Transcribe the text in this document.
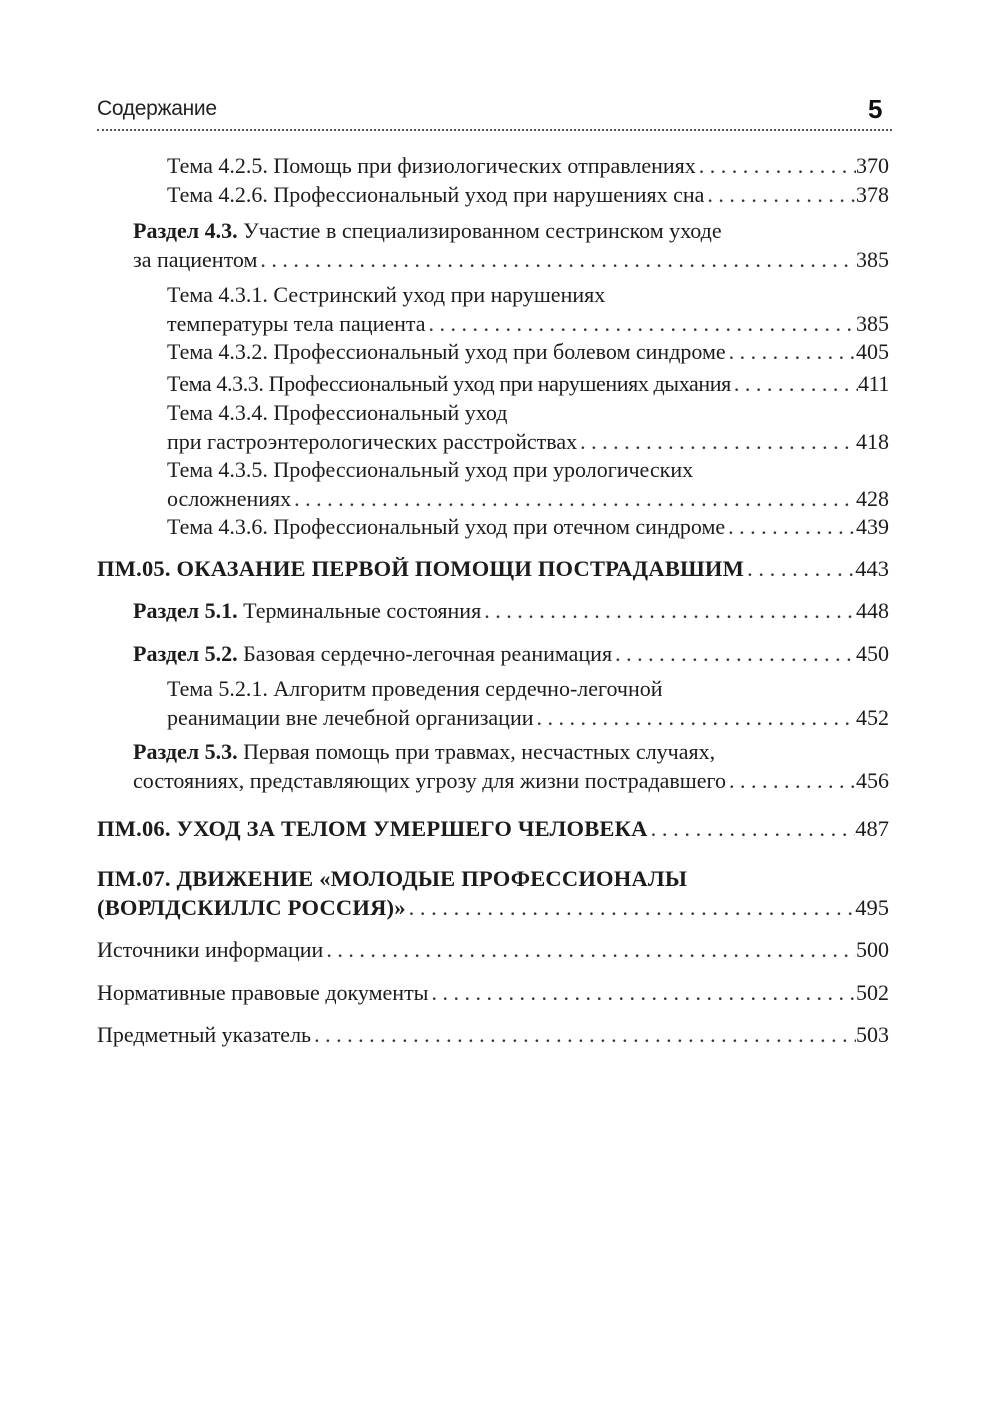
Содержание	5
Тема 4.2.5. Помощь при физиологических отправлениях . . .	370
Тема 4.2.6. Профессиональный уход при нарушениях сна . . .	378
Раздел 4.3. Участие в специализированном сестринском уходе
за пациентом . . .	385
Тема 4.3.1. Сестринский уход при нарушениях
температуры тела пациента . . .	385
Тема 4.3.2. Профессиональный уход при болевом синдроме . . .	405
Тема 4.3.3. Профессиональный уход при нарушениях дыхания . . .	411
Тема 4.3.4. Профессиональный уход
при гастроэнтерологических расстройствах . . .	418
Тема 4.3.5. Профессиональный уход при урологических
осложнениях . . .	428
Тема 4.3.6. Профессиональный уход при отечном синдроме . . .	439
ПМ.05. ОКАЗАНИЕ ПЕРВОЙ ПОМОЩИ ПОСТРАДАВШИМ . . .	443
Раздел 5.1. Терминальные состояния . . .	448
Раздел 5.2. Базовая сердечно-легочная реанимация . . .	450
Тема 5.2.1. Алгоритм проведения сердечно-легочной
реанимации вне лечебной организации . . .	452
Раздел 5.3. Первая помощь при травмах, несчастных случаях,
состояниях, представляющих угрозу для жизни пострадавшего . . .	456
ПМ.06. УХОД ЗА ТЕЛОМ УМЕРШЕГО ЧЕЛОВЕКА . . .	487
ПМ.07. ДВИЖЕНИЕ «МОЛОДЫЕ ПРОФЕССИОНАЛЫ
(ВОРЛДСКИЛЛС РОССИЯ)» . . .	495
Источники информации . . .	500
Нормативные правовые документы . . .	502
Предметный указатель . . .	503
